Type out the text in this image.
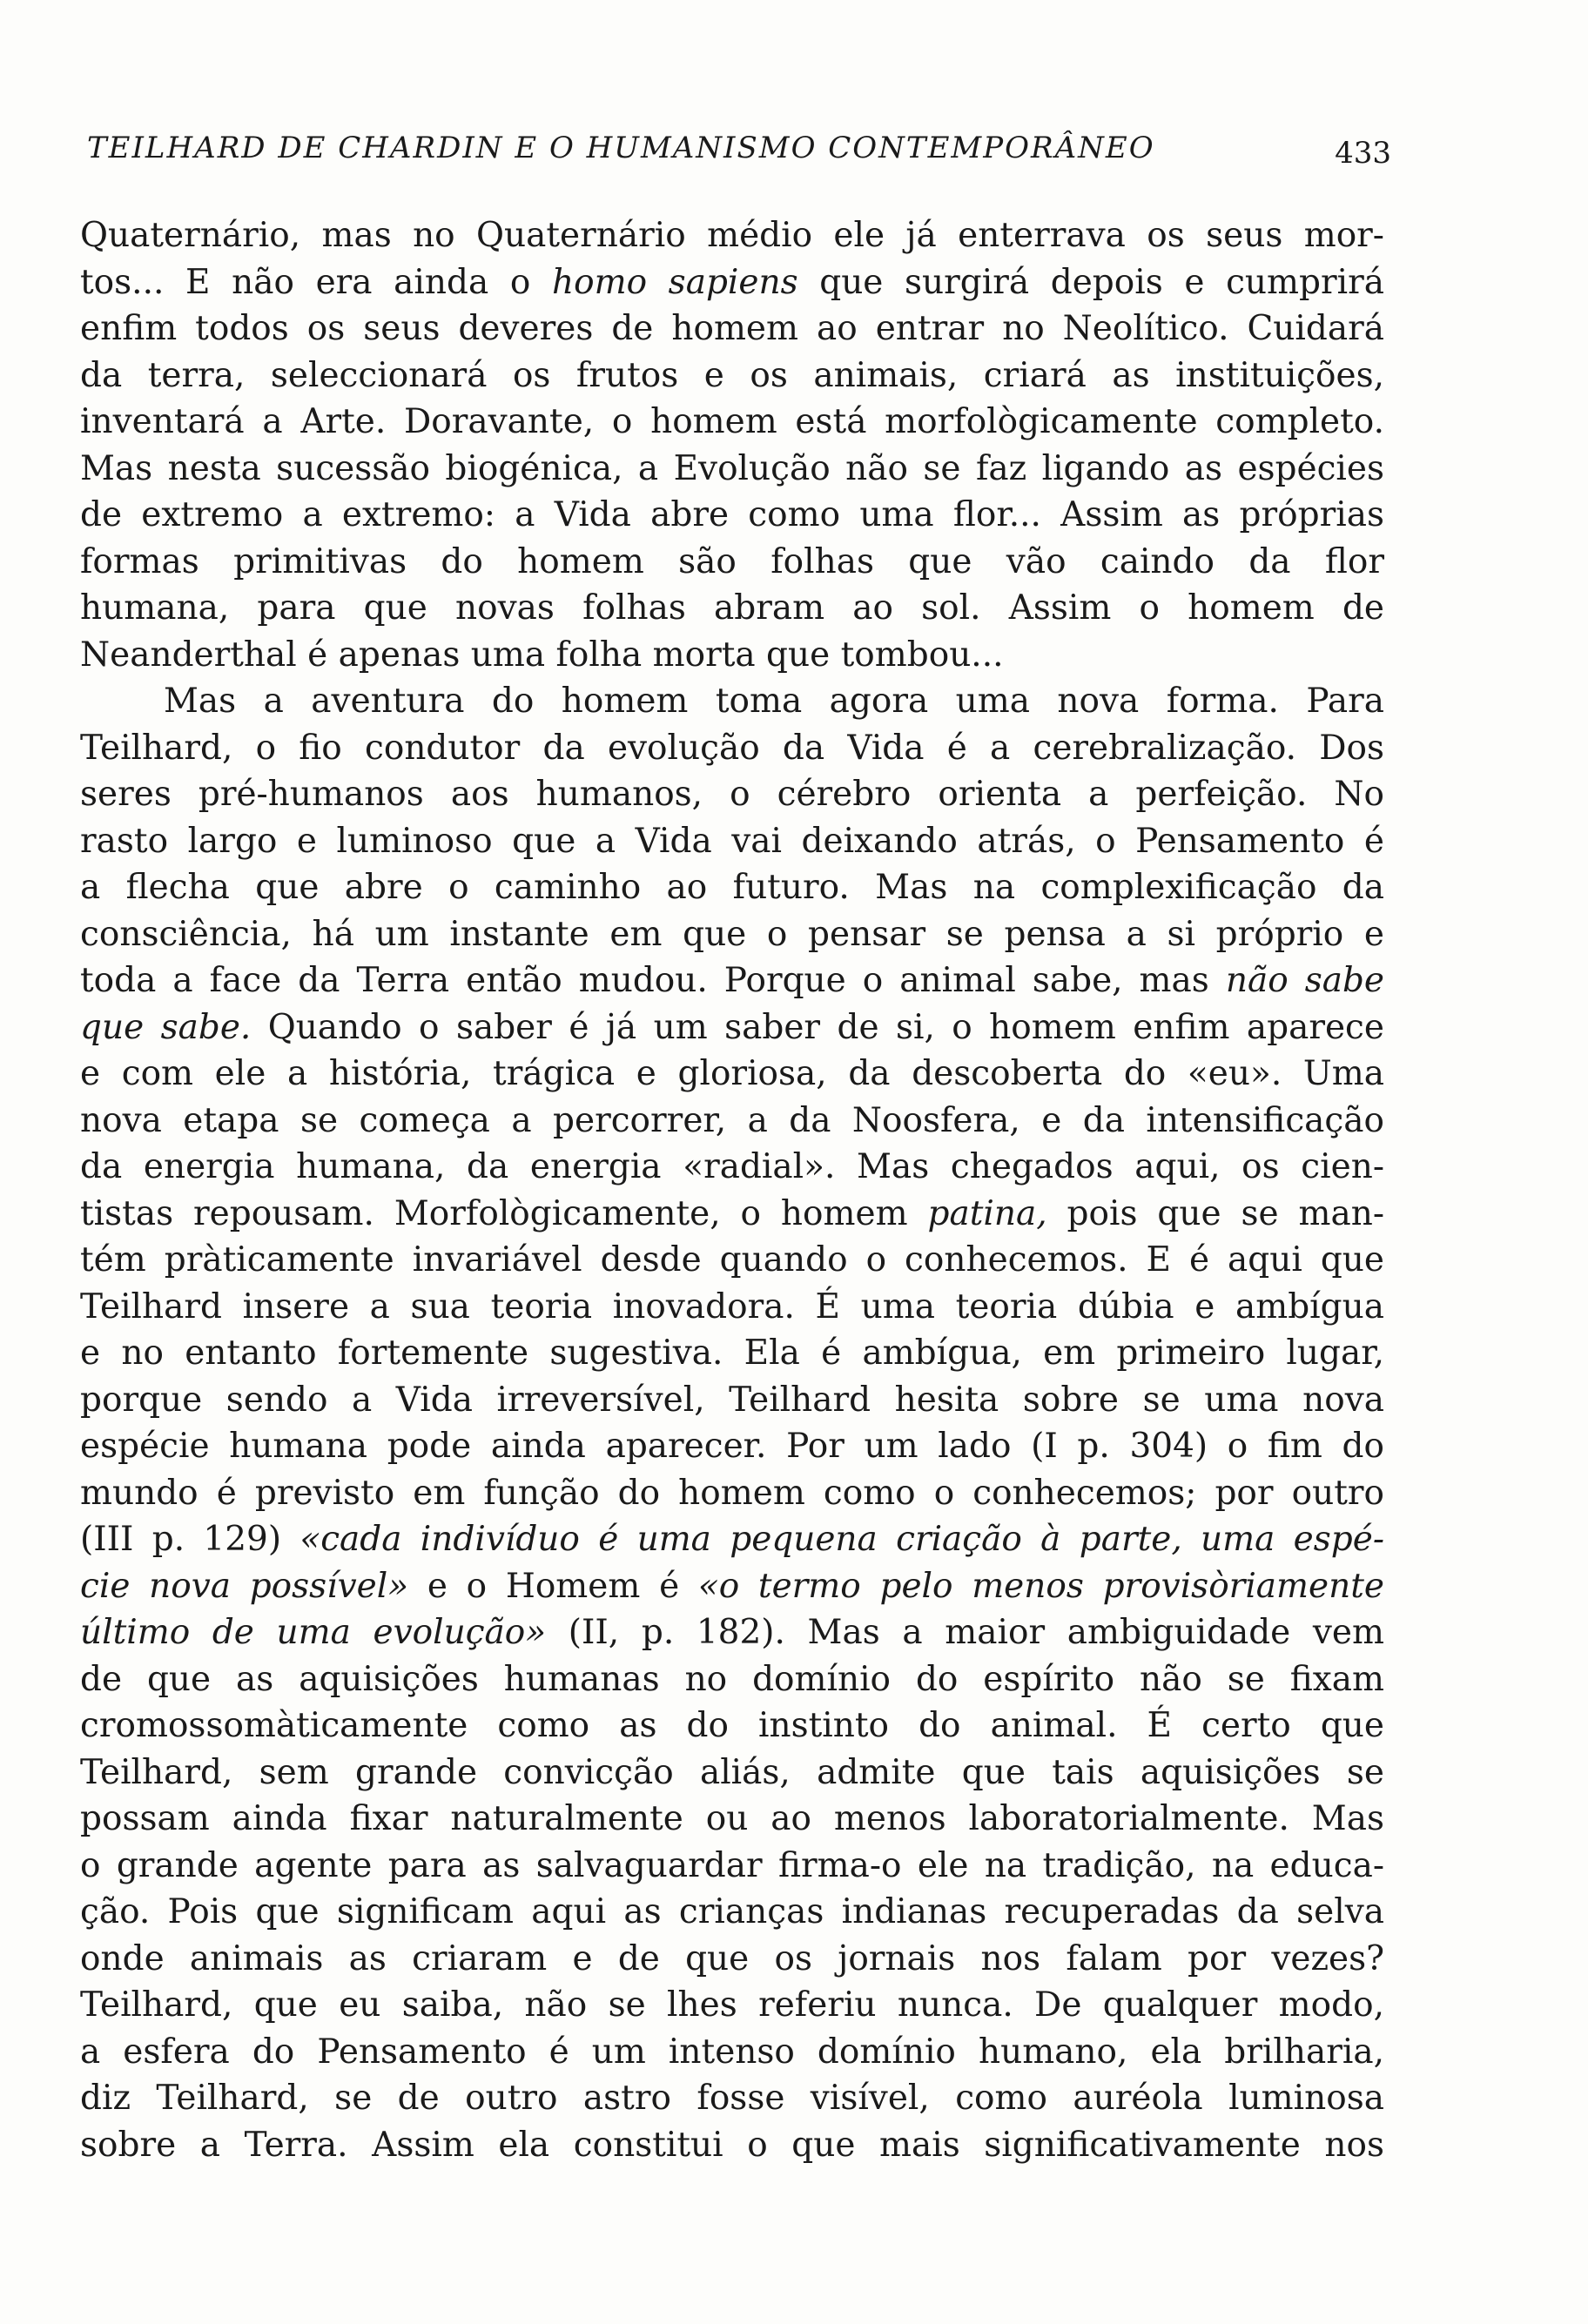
TEILHARD DE CHARDIN E O HUMANISMO CONTEMPORÂNEO	433
Quaternário, mas no Quaternário médio ele já enterrava os seus mor-
tos... E não era ainda o homo sapiens que surgirá depois e cumprirá
enfim todos os seus deveres de homem ao entrar no Neolítico. Cuidará
da terra, seleccionará os frutos e os animais, criará as instituições,
inventará a Arte. Doravante, o homem está morfològicamente completo.
Mas nesta sucessão biogénica, a Evolução não se faz ligando as espécies
de extremo a extremo: a Vida abre como uma flor... Assim as próprias
formas primitivas do homem são folhas que vão caindo da flor
humana, para que novas folhas abram ao sol. Assim o homem de
Neanderthal é apenas uma folha morta que tombou...
Mas a aventura do homem toma agora uma nova forma. Para
Teilhard, o fio condutor da evolução da Vida é a cerebralização. Dos
seres pré-humanos aos humanos, o cérebro orienta a perfeição. No
rasto largo e luminoso que a Vida vai deixando atrás, o Pensamento é
a flecha que abre o caminho ao futuro. Mas na complexificação da
consciência, há um instante em que o pensar se pensa a si próprio e
toda a face da Terra então mudou. Porque o animal sabe, mas não sabe
que sabe. Quando o saber é já um saber de si, o homem enfim aparece
e com ele a história, trágica e gloriosa, da descoberta do «eu». Uma
nova etapa se começa a percorrer, a da Noosfera, e da intensificação
da energia humana, da energia «radial». Mas chegados aqui, os cien-
tistas repousam. Morfològicamente, o homem patina, pois que se man-
tém pràticamente invariável desde quando o conhecemos. E é aqui que
Teilhard insere a sua teoria inovadora. É uma teoria dúbia e ambígua
e no entanto fortemente sugestiva. Ela é ambígua, em primeiro lugar,
porque sendo a Vida irreversível, Teilhard hesita sobre se uma nova
espécie humana pode ainda aparecer. Por um lado (I p. 304) o fim do
mundo é previsto em função do homem como o conhecemos; por outro
(III p. 129) «cada indivíduo é uma pequena criação à parte, uma espé-
cie nova possível» e o Homem é «o termo pelo menos provisòriamente
último de uma evolução» (II, p. 182). Mas a maior ambiguidade vem
de que as aquisições humanas no domínio do espírito não se fixam
cromossomàticamente como as do instinto do animal. É certo que
Teilhard, sem grande convicção aliás, admite que tais aquisições se
possam ainda fixar naturalmente ou ao menos laboratorialmente. Mas
o grande agente para as salvaguardar firma-o ele na tradição, na educa-
ção. Pois que significam aqui as crianças indianas recuperadas da selva
onde animais as criaram e de que os jornais nos falam por vezes?
Teilhard, que eu saiba, não se lhes referiu nunca. De qualquer modo,
a esfera do Pensamento é um intenso domínio humano, ela brilharia,
diz Teilhard, se de outro astro fosse visível, como auréola luminosa
sobre a Terra. Assim ela constitui o que mais significativamente nos
